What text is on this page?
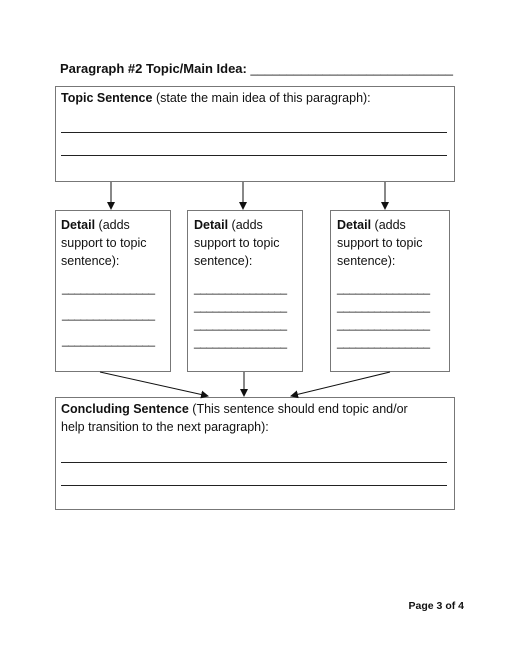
Paragraph #2 Topic/Main Idea: ____________________________
Topic Sentence (state the main idea of this paragraph):
Detail (adds
support to topic
sentence):
_______________
_______________
_______________
Detail (adds
support to topic
sentence):
_______________
_______________
_______________
_______________
Detail (adds
support to topic
sentence):
_______________
_______________
_______________
_______________
Concluding Sentence (This sentence should end topic and/or
help transition to the next paragraph):
Page 3 of 4
